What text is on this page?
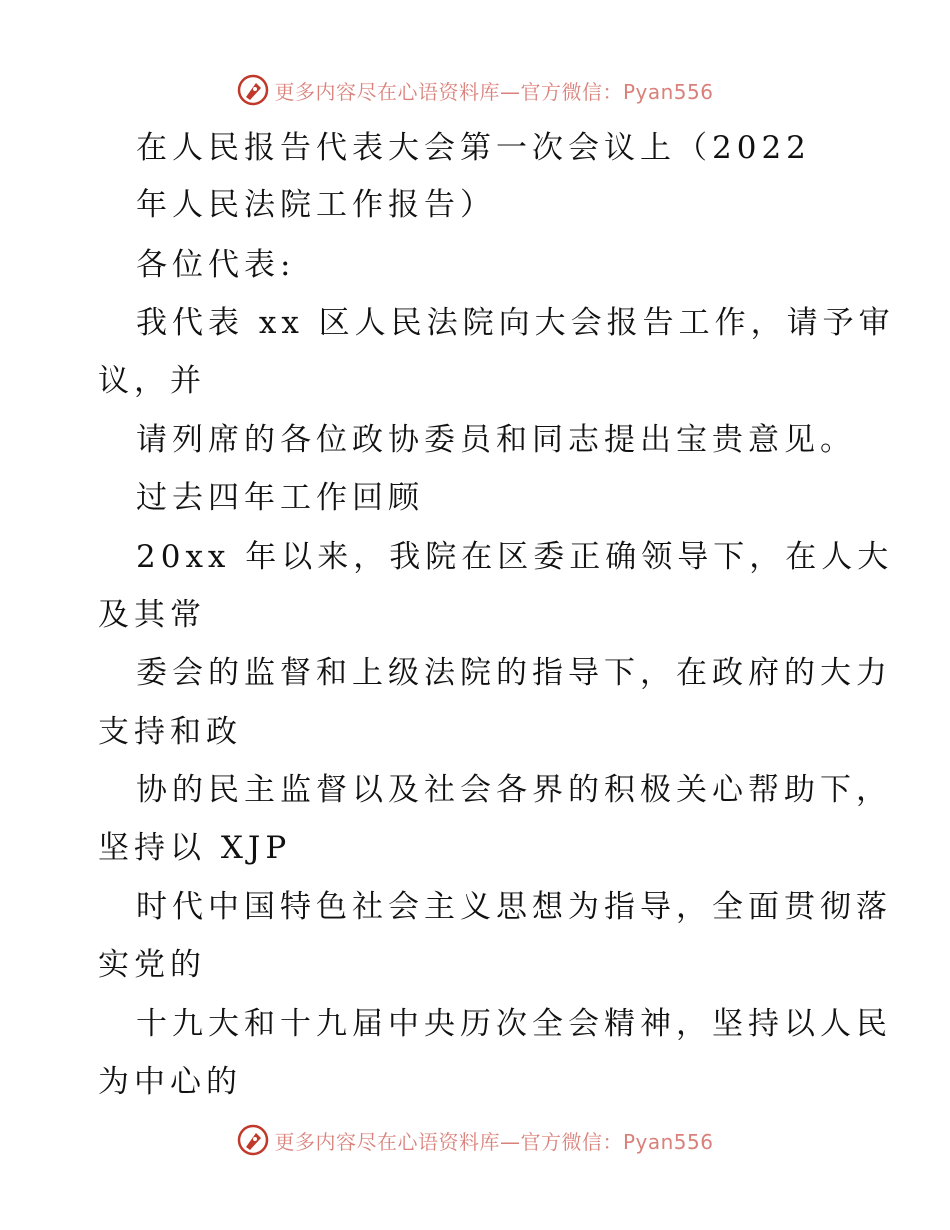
更多内容尽在心语资料库—官方微信：Pyan556
在人民报告代表大会第一次会议上（2022
年人民法院工作报告）
各位代表:
我代表 xx 区人民法院向大会报告工作，请予审
议，并
请列席的各位政协委员和同志提出宝贵意见。
过去四年工作回顾
20xx 年以来，我院在区委正确领导下，在人大
及其常
委会的监督和上级法院的指导下，在政府的大力
支持和政
协的民主监督以及社会各界的积极关心帮助下，
坚持以 XJP
时代中国特色社会主义思想为指导，全面贯彻落
实党的
十九大和十九届中央历次全会精神，坚持以人民
为中心的
更多内容尽在心语资料库—官方微信：Pyan556
